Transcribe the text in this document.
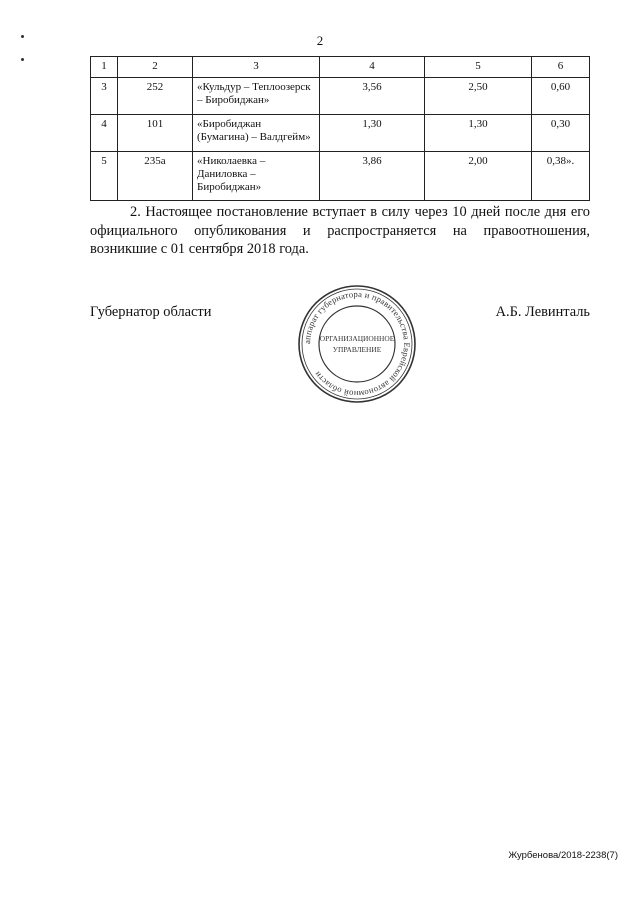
2
1	2	3	4	5	6
3	252	«Кульдур – Теплоозерск
– Биробиджан»	3,56	2,50	0,60
4	101	«Биробиджан
(Бумагина) – Валдгейм»	1,30	1,30	0,30
5	235а	«Николаевка –
Даниловка –
Биробиджан»	3,86	2,00	0,38».
2. Настоящее постановление вступает в силу через 10 дней после дня его официального опубликования и распространяется на правоотношения, возникшие с 01 сентября 2018 года.
Губернатор области
аппарат губернатора и правительства Еврейской автономной области
ОРГАНИЗАЦИОННОЕ
УПРАВЛЕНИЕ
А.Б. Левинталь
Журбенова/2018-2238(7)
